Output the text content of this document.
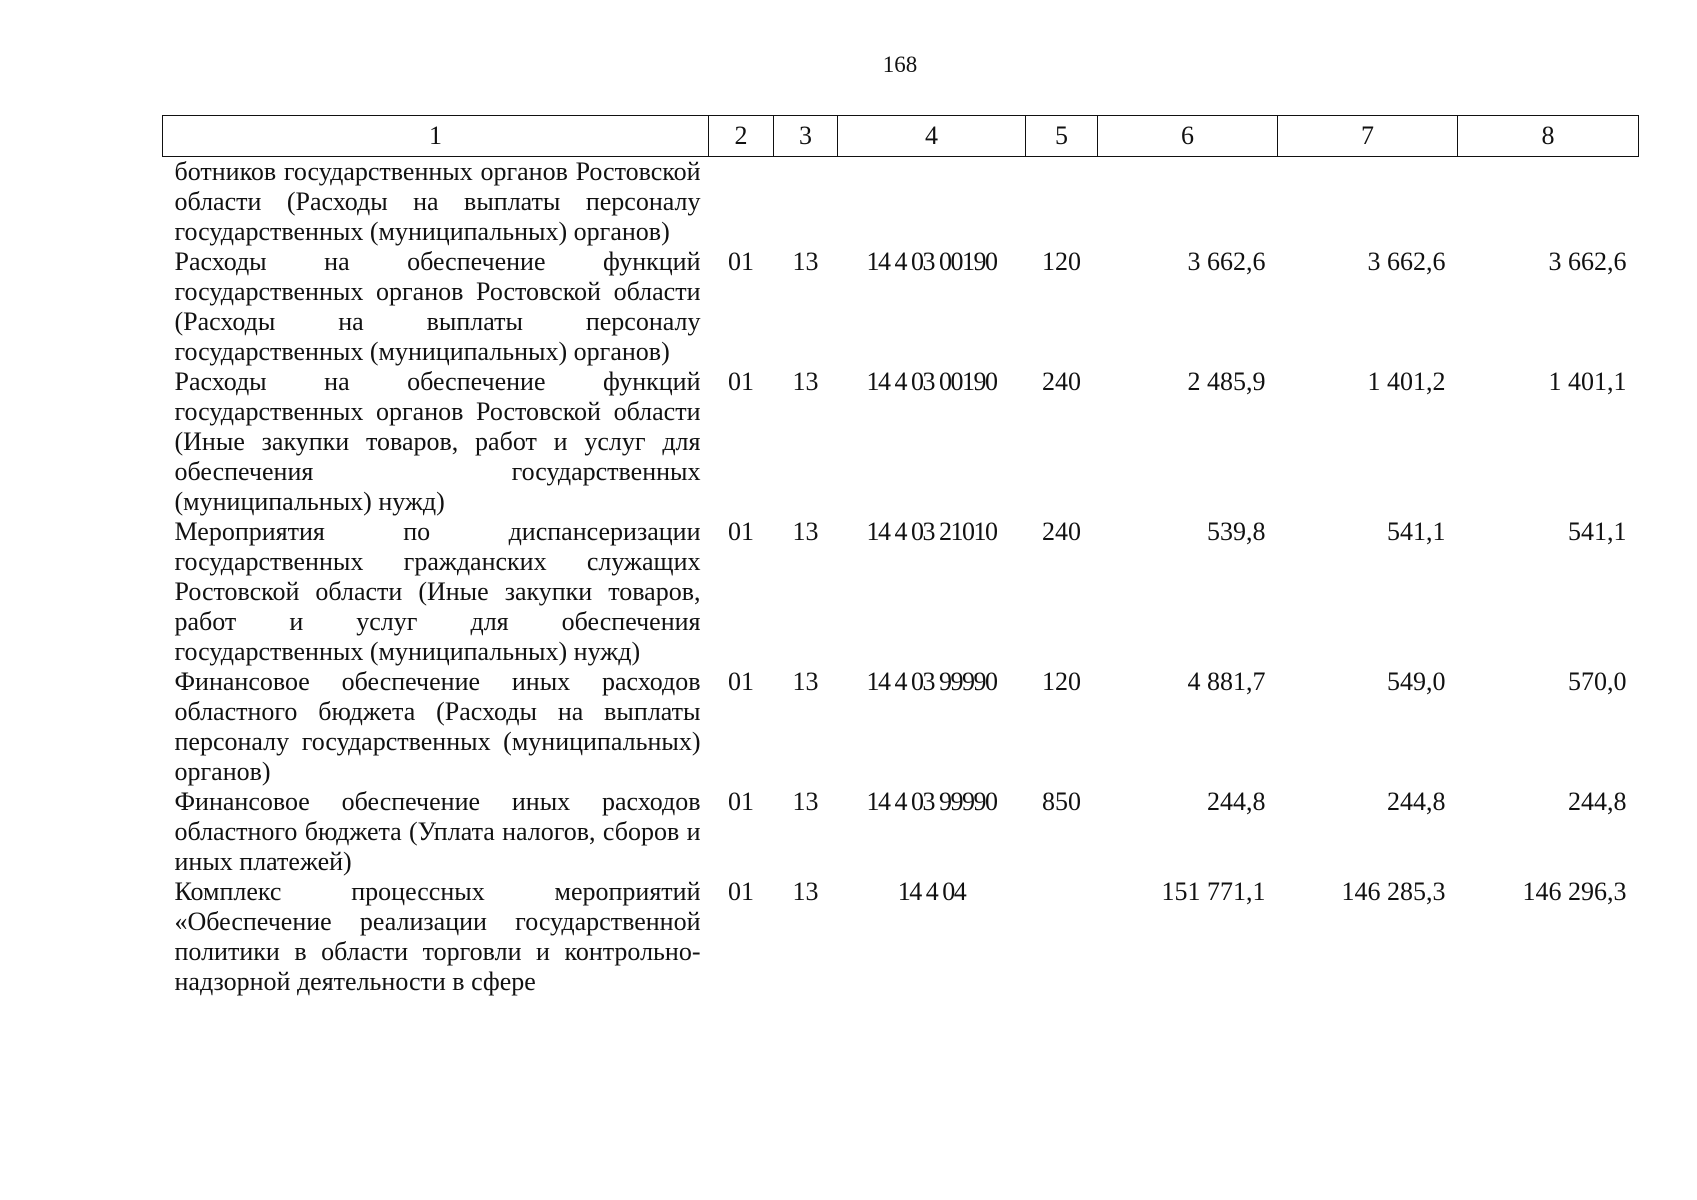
168
1	2	3	4	5	6	7	8
ботников государственных органов Ростовской области (Расходы на выплаты персоналу государственных (муниципальных) органов)							
Расходы на обеспечение функций государственных органов Ростовской области (Расходы на выплаты персоналу государственных (муниципальных) органов)	01	13	14 4 03 00190	120	3 662,6	3 662,6	3 662,6
Расходы на обеспечение функций государственных органов Ростовской области (Иные закупки товаров, работ и услуг для обеспечения государственных (муниципальных) нужд)	01	13	14 4 03 00190	240	2 485,9	1 401,2	1 401,1
Мероприятия по диспансеризации государственных гражданских служащих Ростовской области (Иные закупки товаров, работ и услуг для обеспечения государственных (муниципальных) нужд)	01	13	14 4 03 21010	240	539,8	541,1	541,1
Финансовое обеспечение иных расходов областного бюджета (Расходы на выплаты персоналу государственных (муниципальных) органов)	01	13	14 4 03 99990	120	4 881,7	549,0	570,0
Финансовое обеспечение иных расходов областного бюджета (Уплата налогов, сборов и иных платежей)	01	13	14 4 03 99990	850	244,8	244,8	244,8
Комплекс процессных мероприятий «Обеспечение реализации государственной политики в области торговли и контрольно-надзорной деятельности в сфере	01	13	14 4 04		151 771,1	146 285,3	146 296,3
